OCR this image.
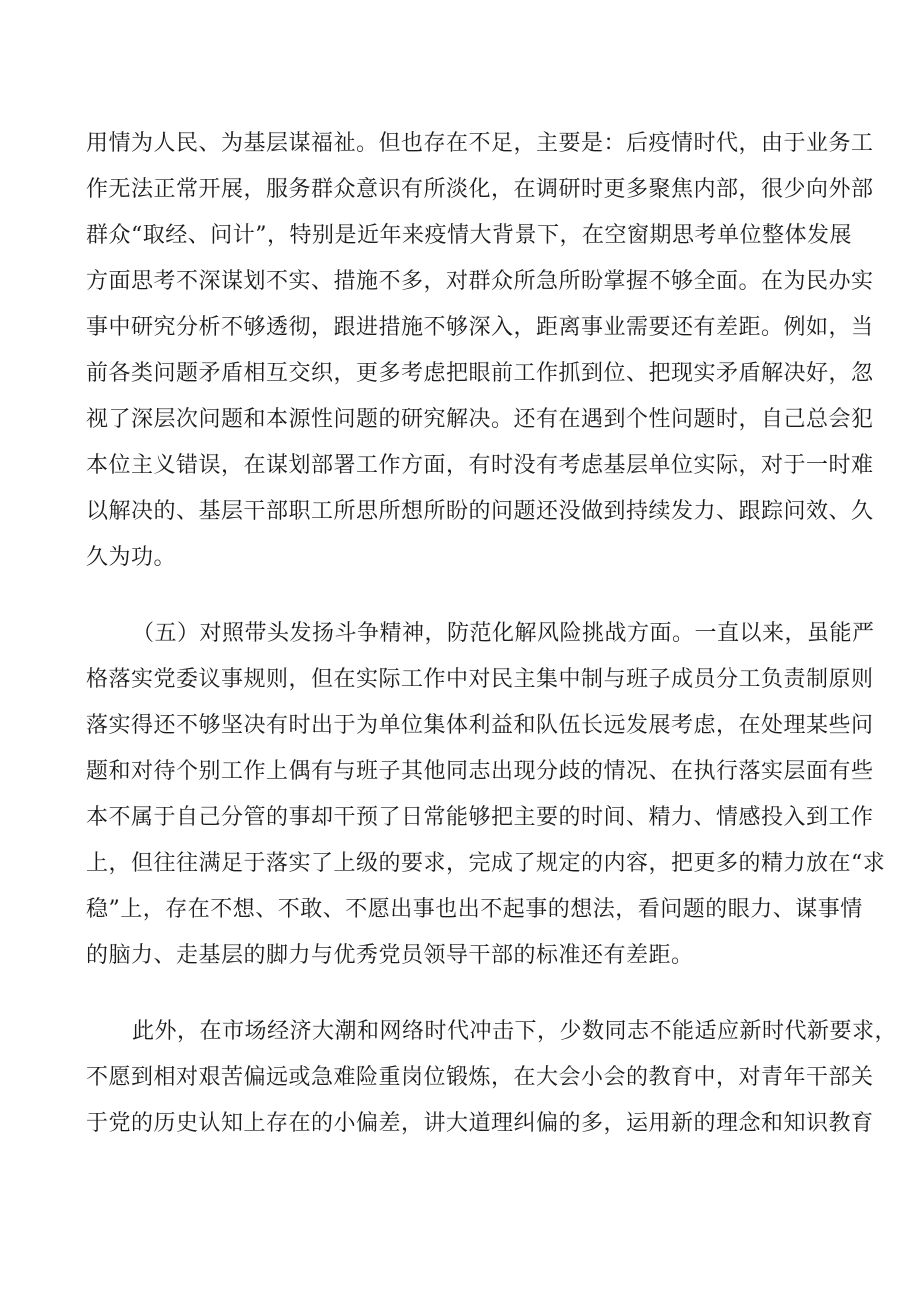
用情为人民、为基层谋福祉。但也存在不足，主要是：后疫情时代，由于业务工
作无法正常开展，服务群众意识有所淡化，在调研时更多聚焦内部，很少向外部
群众“取经、问计”，特别是近年来疫情大背景下，在空窗期思考单位整体发展
方面思考不深谋划不实、措施不多，对群众所急所盼掌握不够全面。在为民办实
事中研究分析不够透彻，跟进措施不够深入，距离事业需要还有差距。例如，当
前各类问题矛盾相互交织，更多考虑把眼前工作抓到位、把现实矛盾解决好，忽
视了深层次问题和本源性问题的研究解决。还有在遇到个性问题时，自己总会犯
本位主义错误，在谋划部署工作方面，有时没有考虑基层单位实际，对于一时难
以解决的、基层干部职工所思所想所盼的问题还没做到持续发力、跟踪问效、久
久为功。
（五）对照带头发扬斗争精神，防范化解风险挑战方面。一直以来，虽能严
格落实党委议事规则，但在实际工作中对民主集中制与班子成员分工负责制原则
落实得还不够坚决有时出于为单位集体利益和队伍长远发展考虑，在处理某些问
题和对待个别工作上偶有与班子其他同志出现分歧的情况、在执行落实层面有些
本不属于自己分管的事却干预了日常能够把主要的时间、精力、情感投入到工作
上，但往往满足于落实了上级的要求，完成了规定的内容，把更多的精力放在“求
稳”上，存在不想、不敢、不愿出事也出不起事的想法，看问题的眼力、谋事情
的脑力、走基层的脚力与优秀党员领导干部的标准还有差距。
此外，在市场经济大潮和网络时代冲击下，少数同志不能适应新时代新要求，
不愿到相对艰苦偏远或急难险重岗位锻炼，在大会小会的教育中，对青年干部关
于党的历史认知上存在的小偏差，讲大道理纠偏的多，运用新的理念和知识教育
